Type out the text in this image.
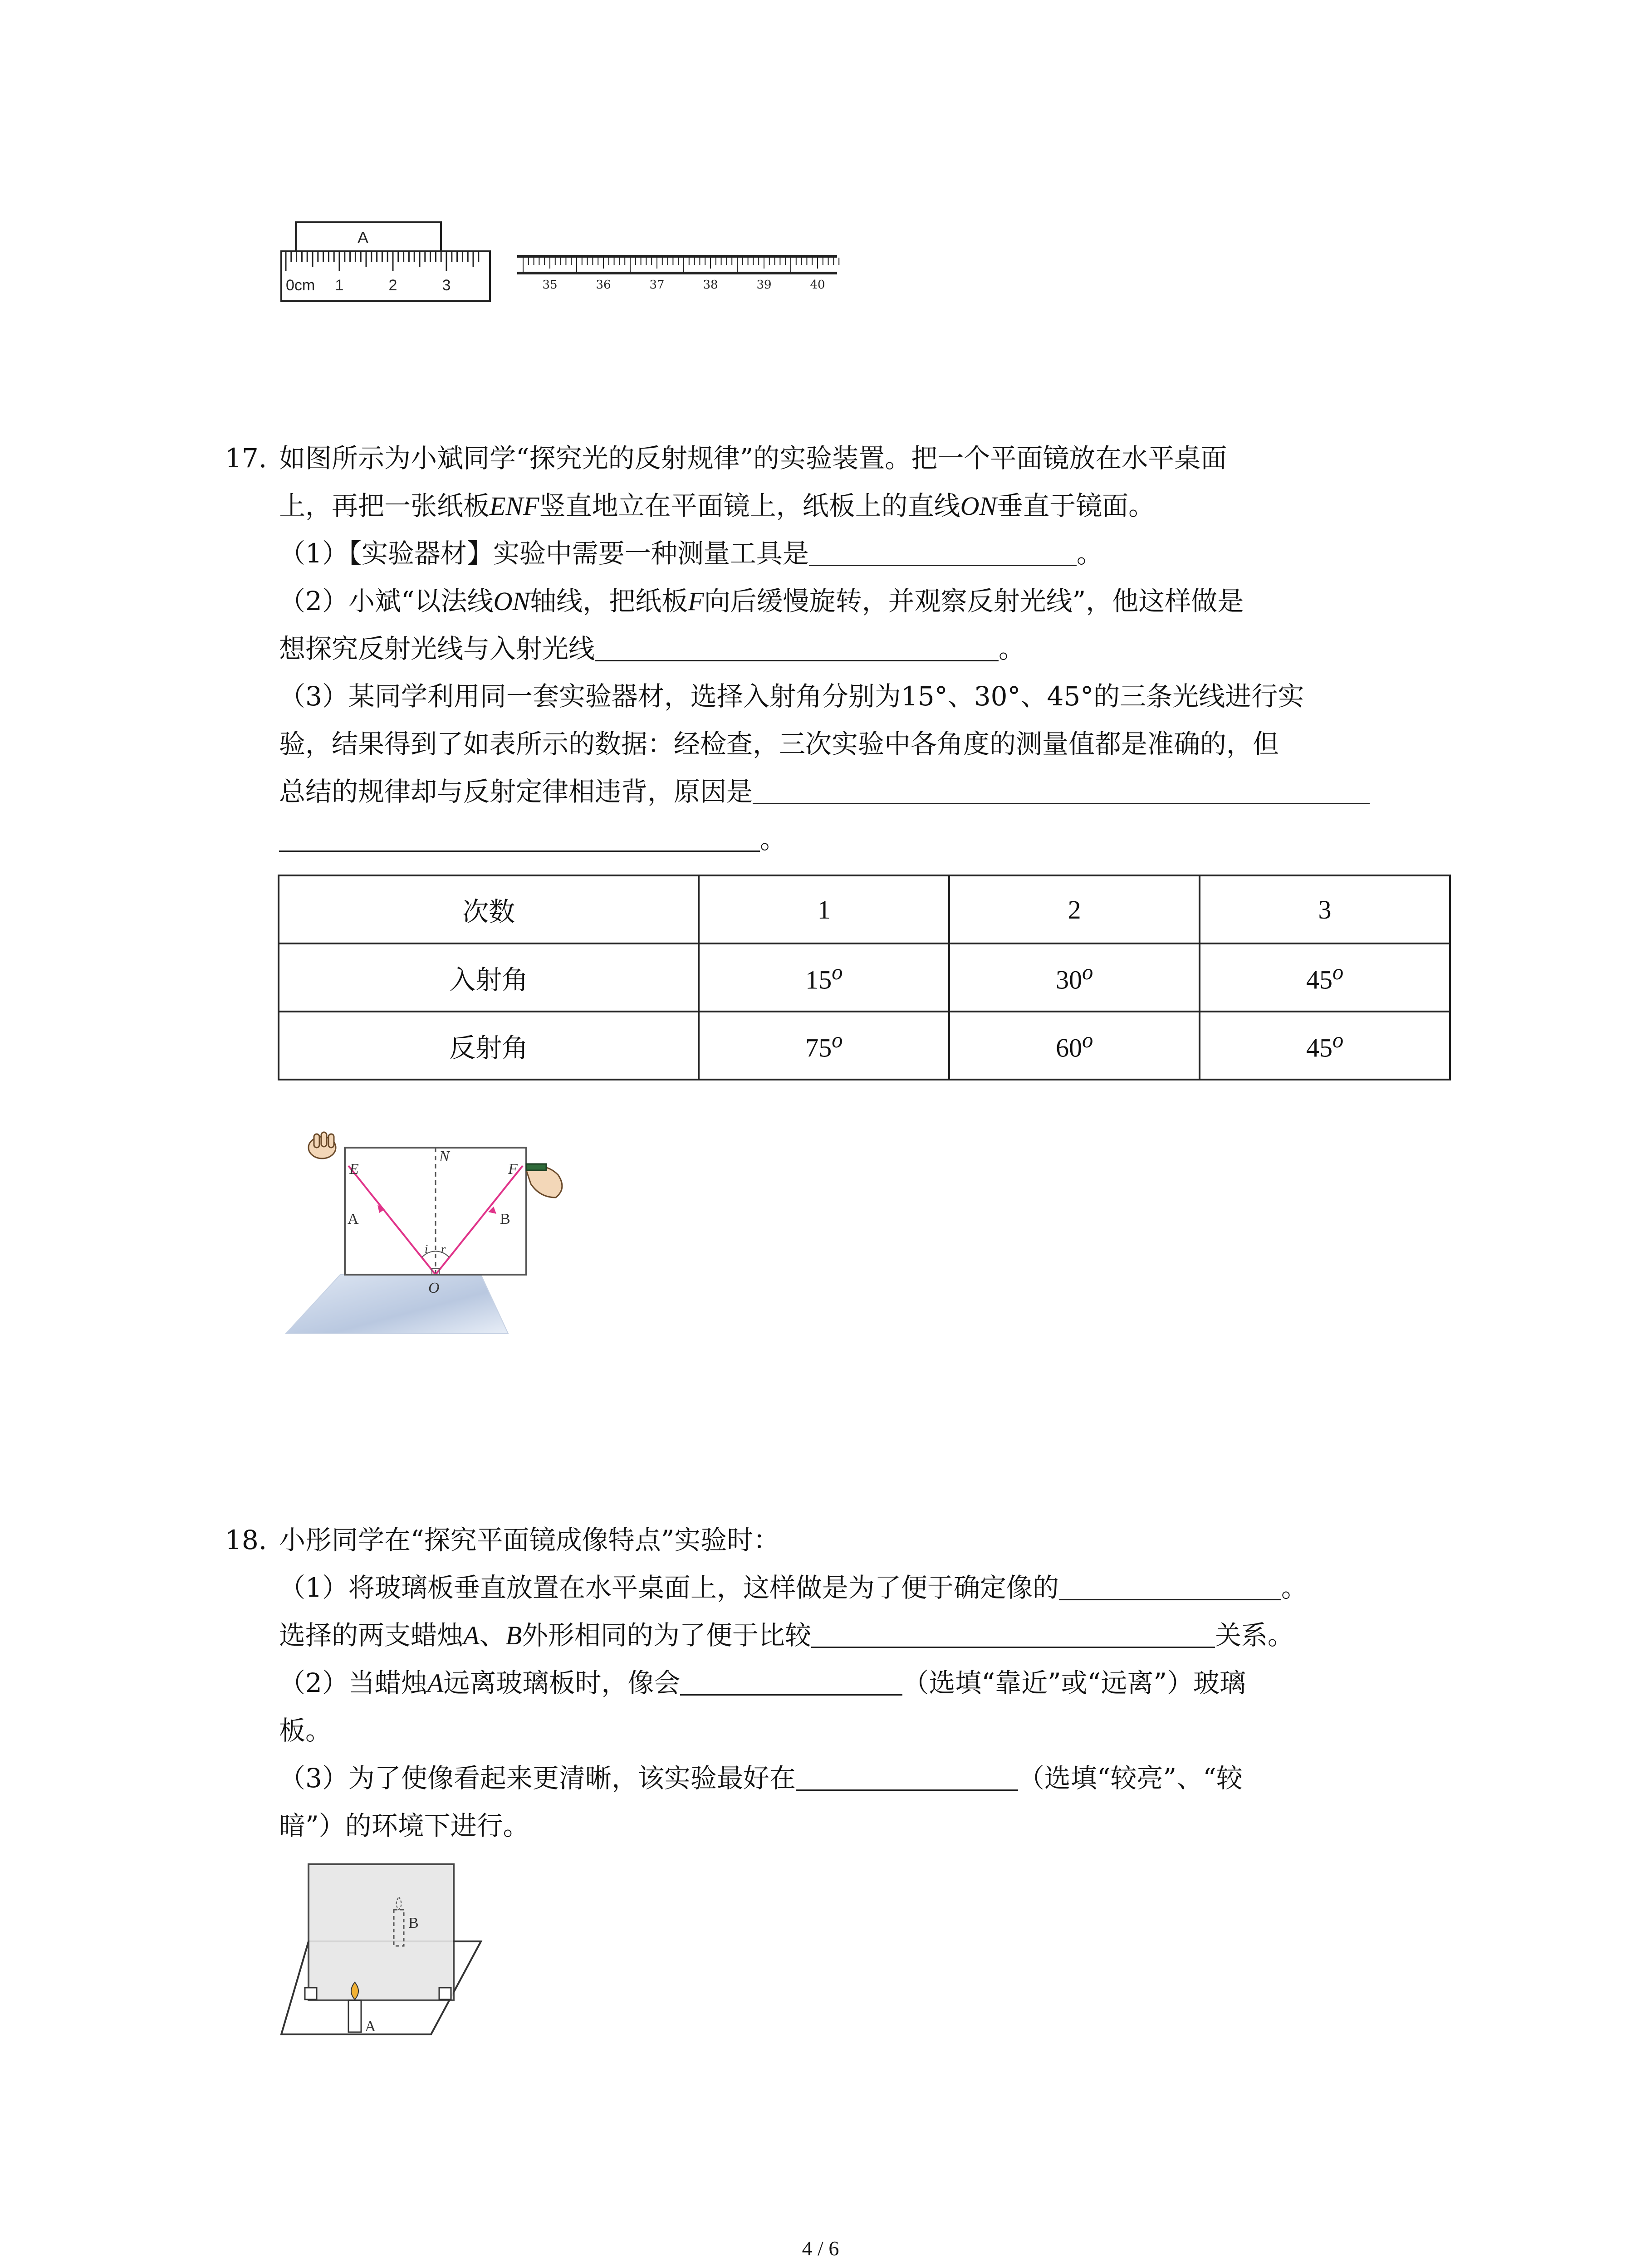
A
0cm 1	2	3	35	36	37	38	39	40
17. 如图所示为小斌同学“探究光的反射规律”的实验装置。把一个平面镜放在水平桌面
上，再把一张纸板ENF竖直地立在平面镜上，纸板上的直线ON垂直于镜面。
（1）【实验器材】实验中需要一种测量工具是	。
（2）小斌“以法线ON轴线，把纸板F向后缓慢旋转，并观察反射光线”，他这样做是
想探究反射光线与入射光线	。
（3）某同学利用同一套实验器材，选择入射角分别为15°、30°、45°的三条光线进行实
验，结果得到了如表所示的数据：经检查，三次实验中各角度的测量值都是准确的，但
总结的规律却与反射定律相违背，原因是
。
次数	1	2	3
入射角	15$^o$	30$^o$	45$^o$
反射角	75$^o$	60$^o$	45$^o$
E
N
F
i r
O
A	B
18. 小彤同学在“探究平面镜成像特点”实验时：
（1）将玻璃板垂直放置在水平桌面上，这样做是为了便于确定像的	。
选择的两支蜡烛A、B外形相同的为了便于比较	关系。
（2）当蜡烛A远离玻璃板时，像会	（选填“靠近”或“远离”）玻璃
板。
（3）为了使像看起来更清晰，该实验最好在	（选填“较亮”、“较
暗”）的环境下进行。
B
A
4 / 6
